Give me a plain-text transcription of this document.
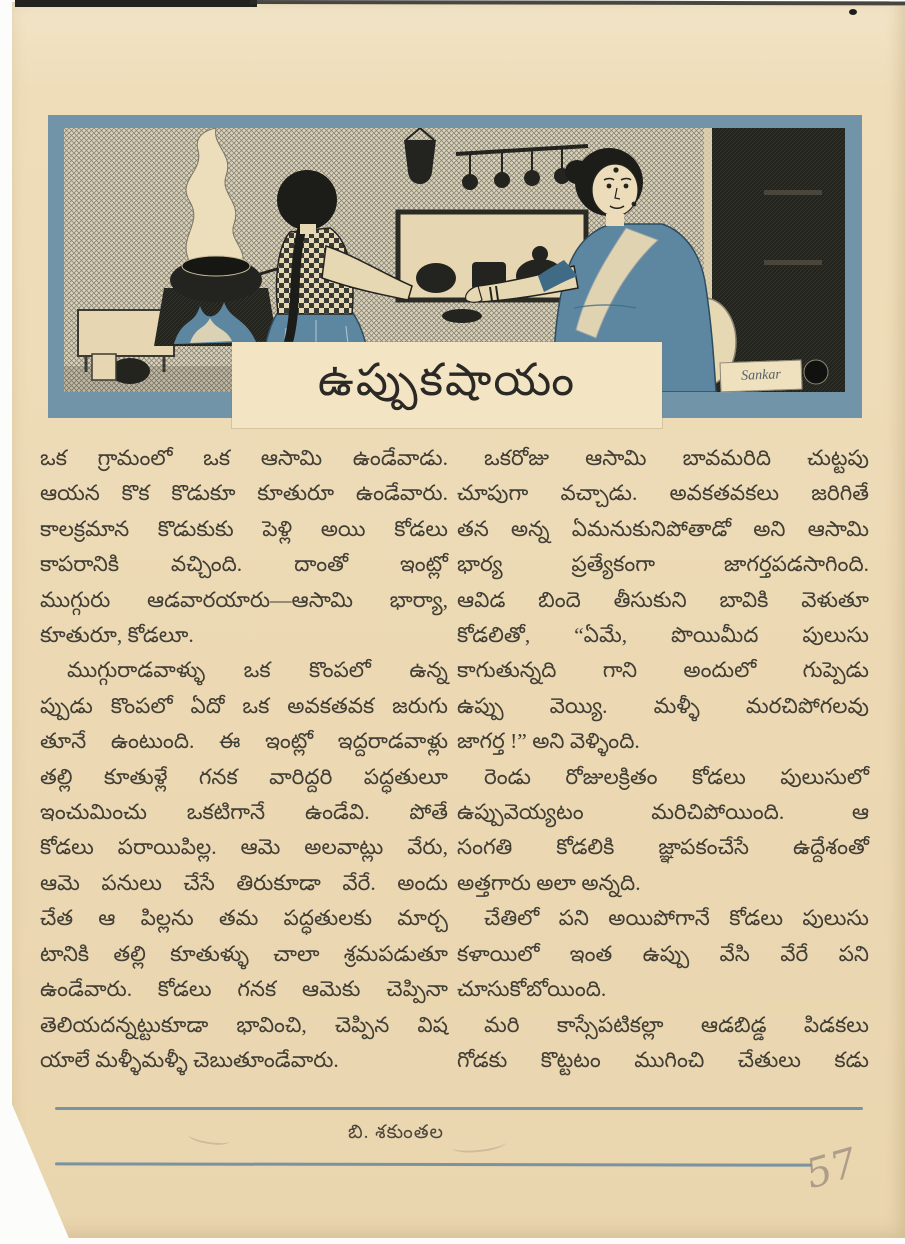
Sankar
ఉప్పుకషాయం
ఒక గ్రామంలో ఒక ఆసామి ఉండేవాడు.
ఆయన కొక కొడుకూ కూతురూ ఉండేవారు.
కాలక్రమాన కొడుకుకు పెళ్లి అయి కోడలు
కాపరానికి వచ్చింది. దాంతో ఇంట్లో
ముగ్గురు ఆడవారయారు—ఆసామి భార్యా,
కూతురూ, కోడలూ.
ముగ్గురాడవాళ్ళు ఒక కొంపలో ఉన్న
ప్పుడు కొంపలో ఏదో ఒక అవకతవక జరుగు
తూనే ఉంటుంది. ఈ ఇంట్లో ఇద్దరాడవాళ్లు
తల్లి కూతుళ్లే గనక వారిద్దరి పద్ధతులూ
ఇంచుమించు ఒకటిగానే ఉండేవి. పోతే
కోడలు పరాయిపిల్ల. ఆమె అలవాట్లు వేరు,
ఆమె పనులు చేసే తిరుకూడా వేరే. అందు
చేత ఆ పిల్లను తమ పద్ధతులకు మార్చ
టానికి తల్లి కూతుళ్ళు చాలా శ్రమపడుతూ
ఉండేవారు. కోడలు గనక ఆమెకు చెప్పినా
తెలియదన్నట్టుకూడా భావించి, చెప్పిన విష
యాలే మళ్ళీమళ్ళీ చెబుతూండేవారు.
ఒకరోజు ఆసామి బావమరిది చుట్టపు
చూపుగా వచ్చాడు. అవకతవకలు జరిగితే
తన అన్న ఏమనుకునిపోతాడో అని ఆసామి
భార్య ప్రత్యేకంగా జాగర్తపడసాగింది.
ఆవిడ బిందె తీసుకుని బావికి వెళుతూ
కోడలితో, “ఏమే, పొయిమీద పులుసు
కాగుతున్నది గాని అందులో గుప్పెడు
ఉప్పు వెయ్యి. మళ్ళీ మరచిపోగలవు
జాగర్త !” అని వెళ్ళింది.
రెండు రోజులక్రితం కోడలు పులుసులో
ఉప్పువెయ్యటం మరిచిపోయింది. ఆ
సంగతి కోడలికి జ్ఞాపకంచేసే ఉద్దేశంతో
అత్తగారు అలా అన్నది.
చేతిలో పని అయిపోగానే కోడలు పులుసు
కళాయిలో ఇంత ఉప్పు వేసి వేరే పని
చూసుకోబోయింది.
మరి కాస్సేపటికల్లా ఆడబిడ్డ పిడకలు
గోడకు కొట్టటం ముగించి చేతులు కడు
బి. శకుంతల
57
